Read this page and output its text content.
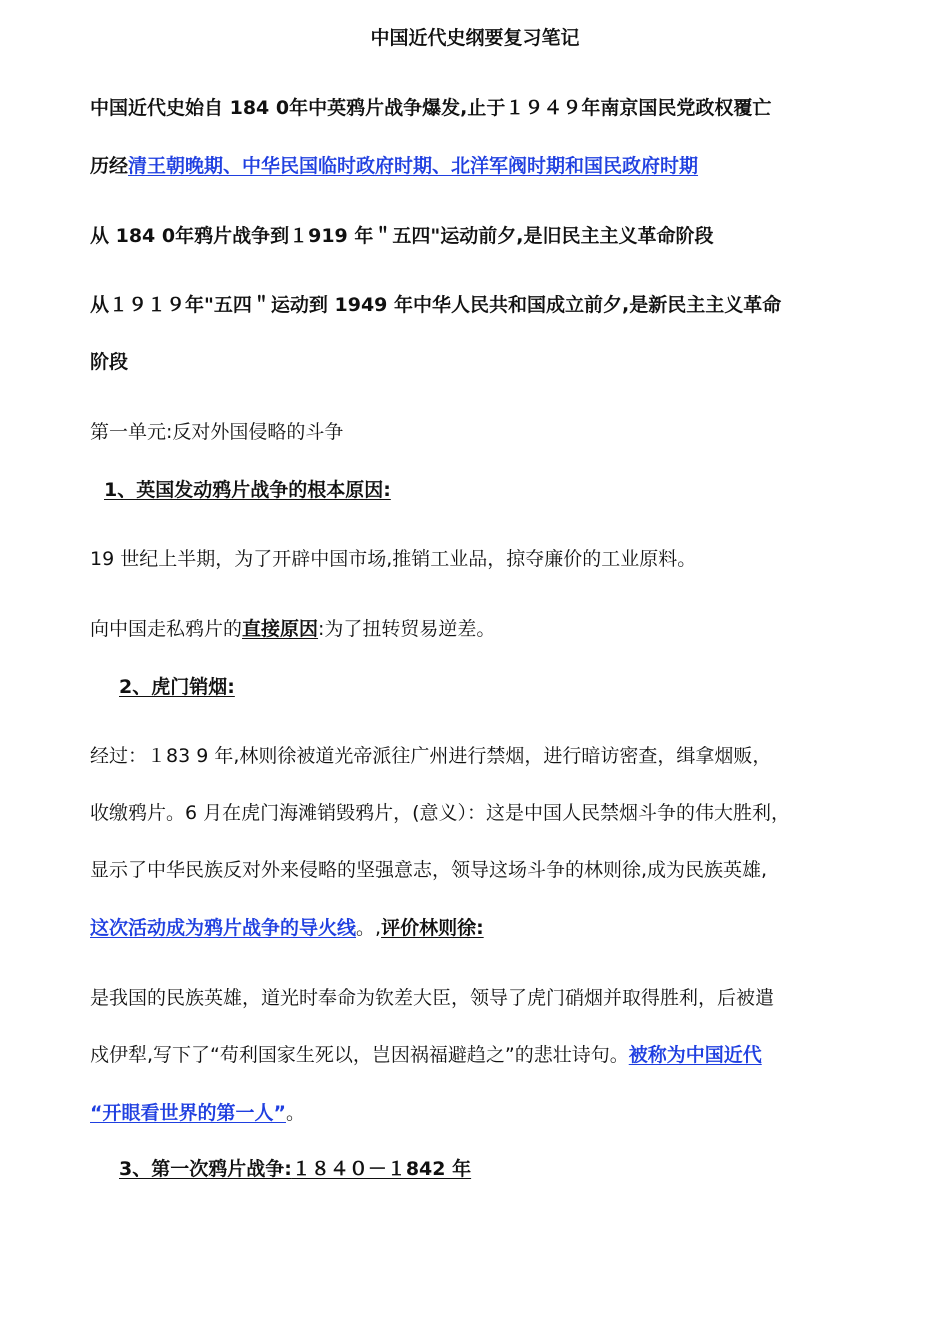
中国近代史纲要复习笔记
中国近代史始自 184 0年中英鸦片战争爆发,止于１９４９年南京国民党政权覆亡
历经清王朝晚期、中华民国临时政府时期、北洋军阀时期和国民政府时期
从 184 0年鸦片战争到１919 年＂五四"运动前夕,是旧民主主义革命阶段
从１９１９年"五四＂运动到 1949 年中华人民共和国成立前夕,是新民主主义革命
阶段
第一单元:反对外国侵略的斗争
1、英国发动鸦片战争的根本原因:
19 世纪上半期，为了开辟中国市场,推销工业品，掠夺廉价的工业原料。
向中国走私鸦片的直接原因:为了扭转贸易逆差。
2、虎门销烟:
经过：１83 9 年,林则徐被道光帝派往广州进行禁烟，进行暗访密查，缉拿烟贩，
收缴鸦片。6 月在虎门海滩销毁鸦片，(意义）：这是中国人民禁烟斗争的伟大胜利，
显示了中华民族反对外来侵略的坚强意志，领导这场斗争的林则徐,成为民族英雄,
这次活动成为鸦片战争的导火线。,评价林则徐:
是我国的民族英雄，道光时奉命为钦差大臣，领导了虎门硝烟并取得胜利，后被遣
戍伊犁,写下了“苟利国家生死以，岂因祸福避趋之”的悲壮诗句。被称为中国近代
“开眼看世界的第一人”。
3、第一次鸦片战争:１８４０－１842 年
